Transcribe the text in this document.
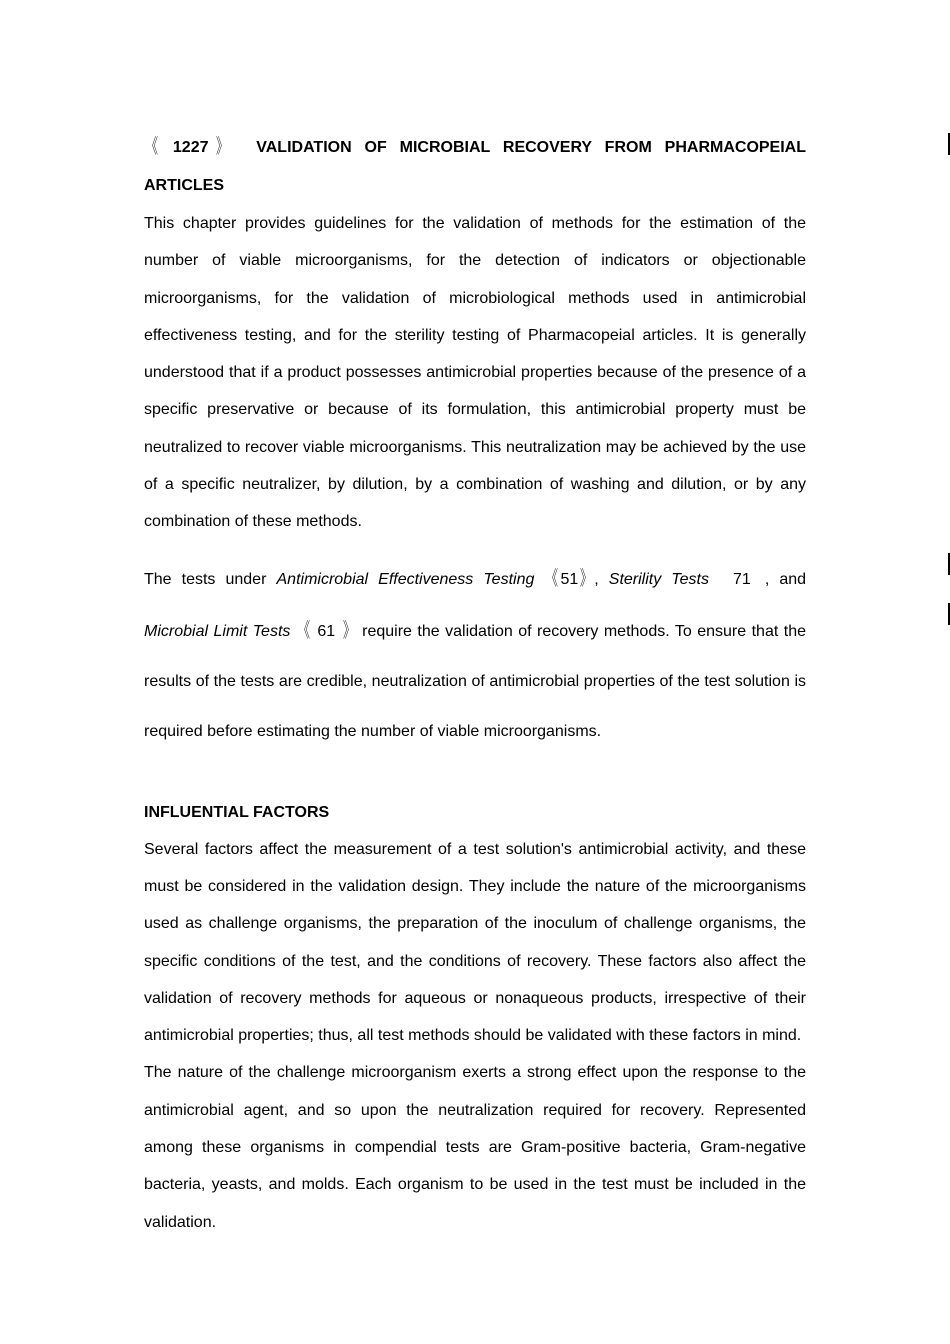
《 1227 》 VALIDATION OF MICROBIAL RECOVERY FROM PHARMACOPEIAL ARTICLES

This chapter provides guidelines for the validation of methods for the estimation of the number of viable microorganisms, for the detection of indicators or objectionable microorganisms, for the validation of microbiological methods used in antimicrobial effectiveness testing, and for the sterility testing of Pharmacopeial articles. It is generally understood that if a product possesses antimicrobial properties because of the presence of a specific preservative or because of its formulation, this antimicrobial property must be neutralized to recover viable microorganisms. This neutralization may be achieved by the use of a specific neutralizer, by dilution, by a combination of washing and dilution, or by any combination of these methods.

The tests under Antimicrobial Effectiveness Testing 《 51 》 , Sterility Tests 71 , and Microbial Limit Tests 《 61 》 require the validation of recovery methods. To ensure that the results of the tests are credible, neutralization of antimicrobial properties of the test solution is required before estimating the number of viable microorganisms.

INFLUENTIAL FACTORS

Several factors affect the measurement of a test solution's antimicrobial activity, and these must be considered in the validation design. They include the nature of the microorganisms used as challenge organisms, the preparation of the inoculum of challenge organisms, the specific conditions of the test, and the conditions of recovery. These factors also affect the validation of recovery methods for aqueous or nonaqueous products, irrespective of their antimicrobial properties; thus, all test methods should be validated with these factors in mind.

The nature of the challenge microorganism exerts a strong effect upon the response to the antimicrobial agent, and so upon the neutralization required for recovery. Represented among these organisms in compendial tests are Gram-positive bacteria, Gram-negative bacteria, yeasts, and molds. Each organism to be used in the test must be included in the validation.
